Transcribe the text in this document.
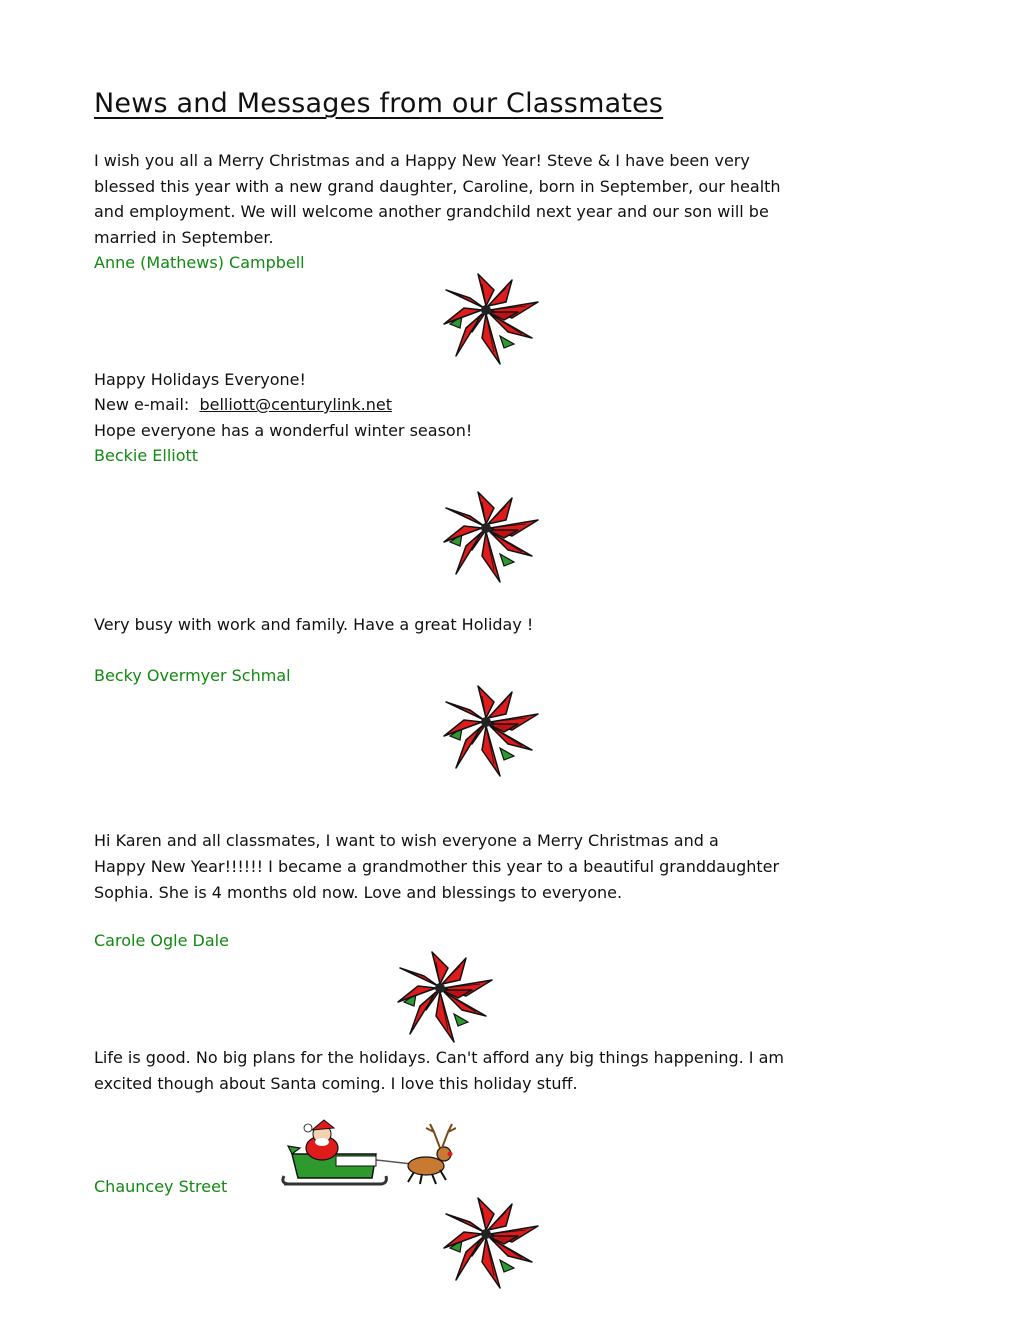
News and Messages from our Classmates
I wish you all a Merry Christmas and a Happy New Year! Steve & I have been very
blessed this year with a new grand daughter, Caroline, born in September, our health
and employment. We will welcome another grandchild next year and our son will be
married in September.
Anne (Mathews) Campbell
Happy Holidays Everyone!
New e-mail: belliott@centurylink.net
Hope everyone has a wonderful winter season!
Beckie Elliott
Very busy with work and family. Have a great Holiday !
Becky Overmyer Schmal
Hi Karen and all classmates, I want to wish everyone a Merry Christmas and a
Happy New Year!!!!!! I became a grandmother this year to a beautiful granddaughter
Sophia. She is 4 months old now. Love and blessings to everyone.
Carole Ogle Dale
Life is good. No big plans for the holidays. Can't afford any big things happening. I am
excited though about Santa coming. I love this holiday stuff.
Chauncey Street
